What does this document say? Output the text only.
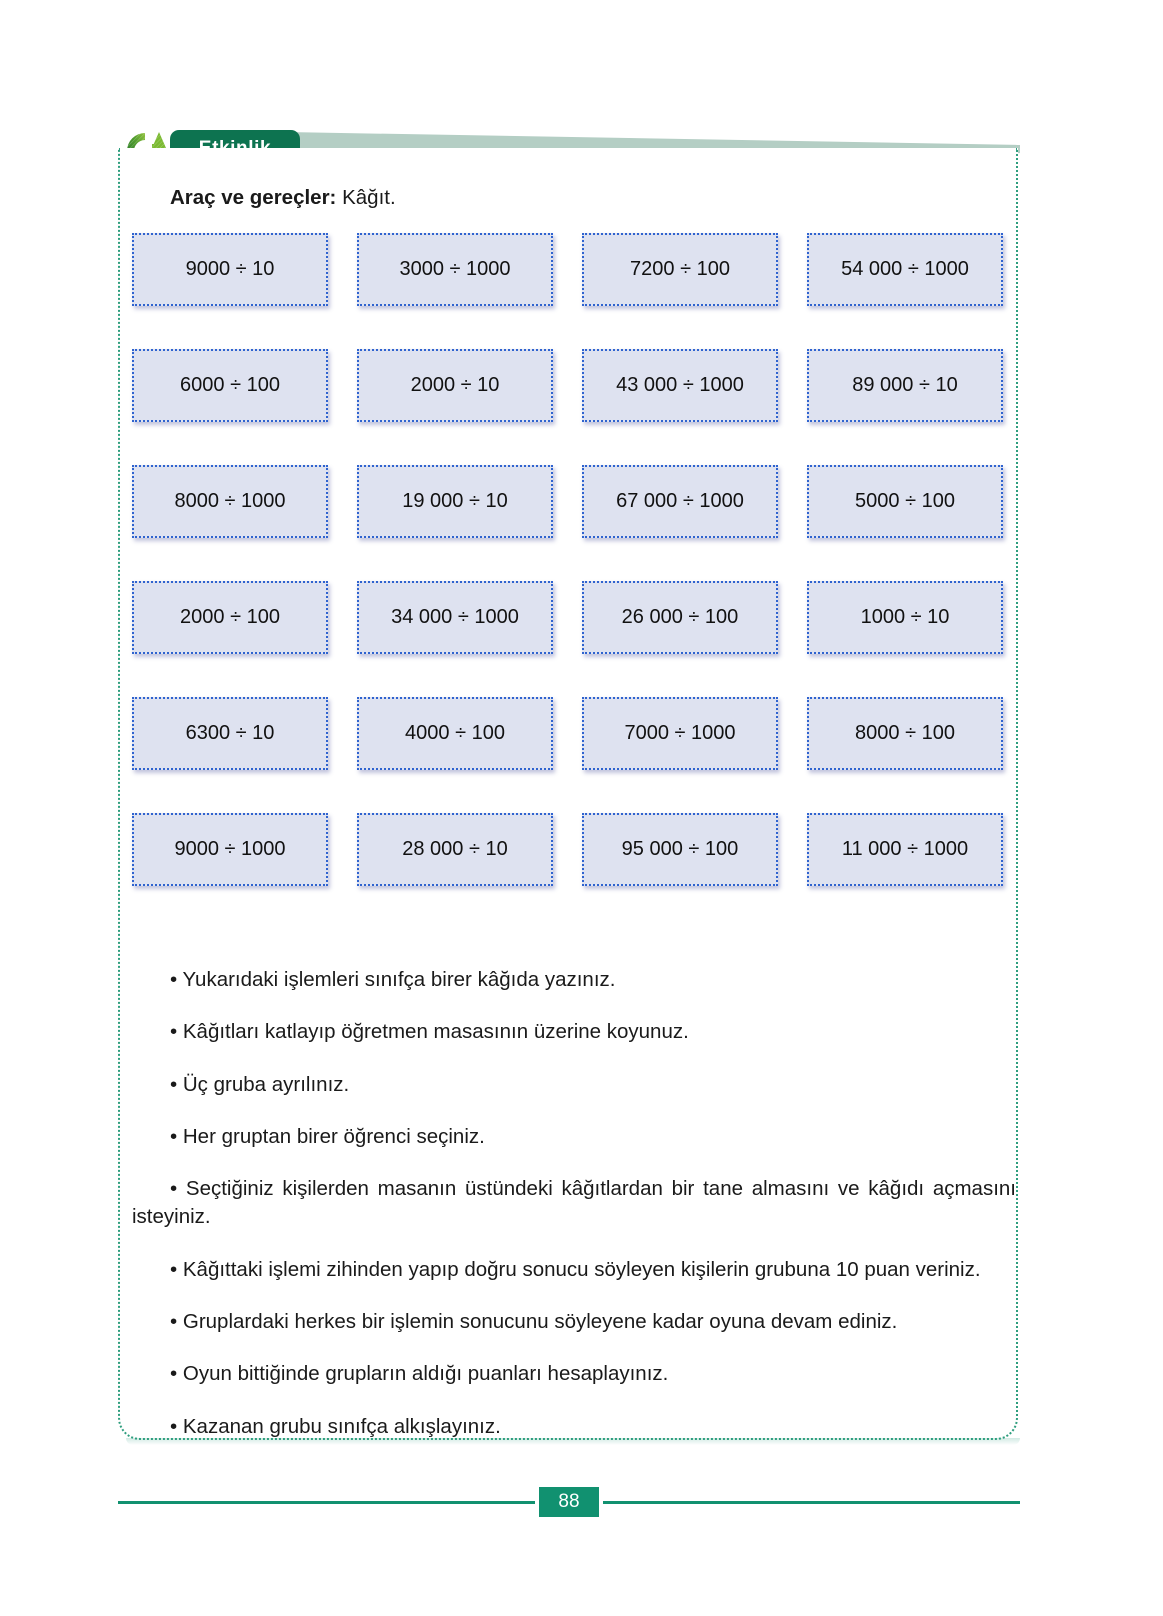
Araç ve gereçler: Kâğıt.
9000 ÷ 10	3000 ÷ 1000	7200 ÷ 100	54 000 ÷ 1000
6000 ÷ 100	2000 ÷ 10	43 000 ÷ 1000	89 000 ÷ 10
8000 ÷ 1000	19 000 ÷ 10	67 000 ÷ 1000	5000 ÷ 100
2000 ÷ 100	34 000 ÷ 1000	26 000 ÷ 100	1000 ÷ 10
6300 ÷ 10	4000 ÷ 100	7000 ÷ 1000	8000 ÷ 100
9000 ÷ 1000	28 000 ÷ 10	95 000 ÷ 100	11 000 ÷ 1000

• Yukarıdaki işlemleri sınıfça birer kâğıda yazınız.

• Kâğıtları katlayıp öğretmen masasının üzerine koyunuz.

• Üç gruba ayrılınız.

• Her gruptan birer öğrenci seçiniz.

• Seçtiğiniz kişilerden masanın üstündeki kâğıtlardan bir tane almasını ve kâğıdı açmasını isteyiniz.

• Kâğıttaki işlemi zihinden yapıp doğru sonucu söyleyen kişilerin grubuna 10 puan veriniz.

• Gruplardaki herkes bir işlemin sonucunu söyleyene kadar oyuna devam ediniz.

• Oyun bittiğinde grupların aldığı puanları hesaplayınız.

• Kazanan grubu sınıfça alkışlayınız.

88
